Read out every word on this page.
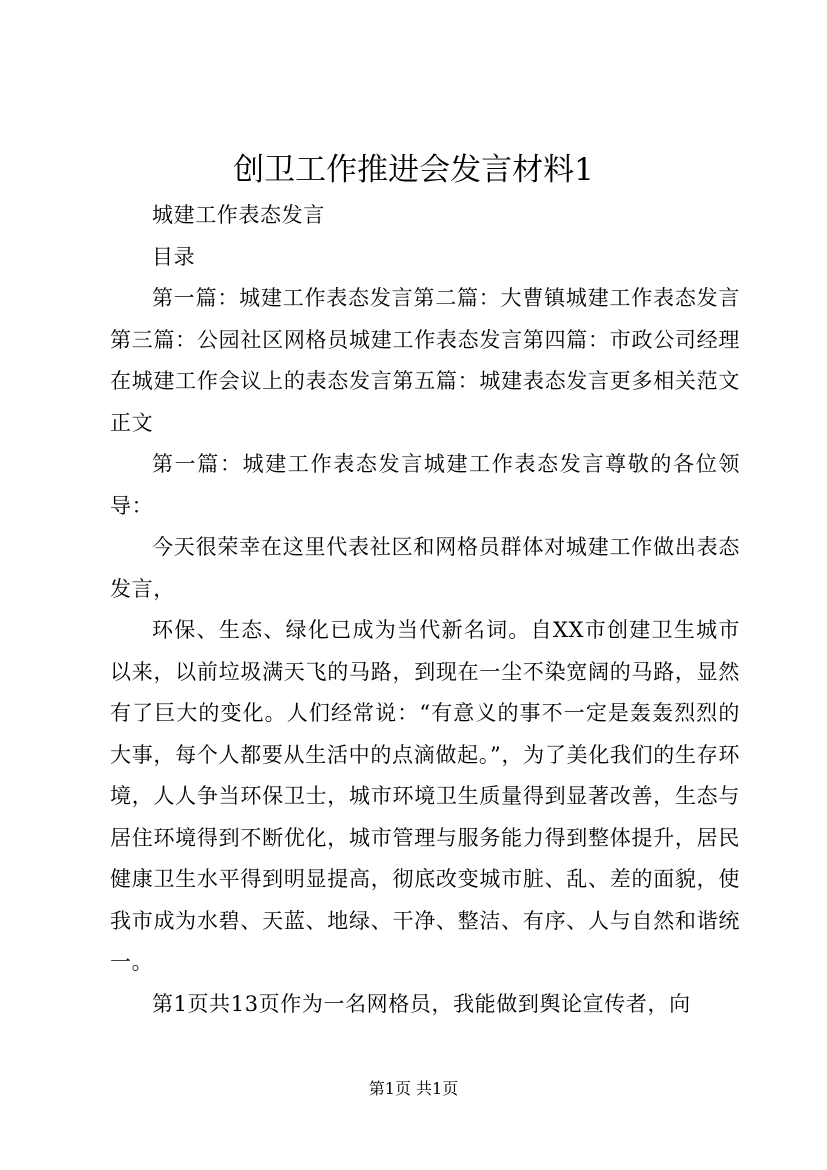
创卫工作推进会发言材料1

城建工作表态发言

目录

第一篇：城建工作表态发言第二篇：大曹镇城建工作表态发言第三篇：公园社区网格员城建工作表态发言第四篇：市政公司经理在城建工作会议上的表态发言第五篇：城建表态发言更多相关范文正文

第一篇：城建工作表态发言城建工作表态发言尊敬的各位领导：

今天很荣幸在这里代表社区和网格员群体对城建工作做出表态发言，

环保、生态、绿化已成为当代新名词。自XX市创建卫生城市以来，以前垃圾满天飞的马路，到现在一尘不染宽阔的马路，显然有了巨大的变化。人们经常说：“有意义的事不一定是轰轰烈烈的大事，每个人都要从生活中的点滴做起。”，为了美化我们的生存环境，人人争当环保卫士，城市环境卫生质量得到显著改善，生态与居住环境得到不断优化，城市管理与服务能力得到整体提升，居民健康卫生水平得到明显提高，彻底改变城市脏、乱、差的面貌，使我市成为水碧、天蓝、地绿、干净、整洁、有序、人与自然和谐统一。

第1页共13页作为一名网格员，我能做到舆论宣传者，向

第1页 共1页
